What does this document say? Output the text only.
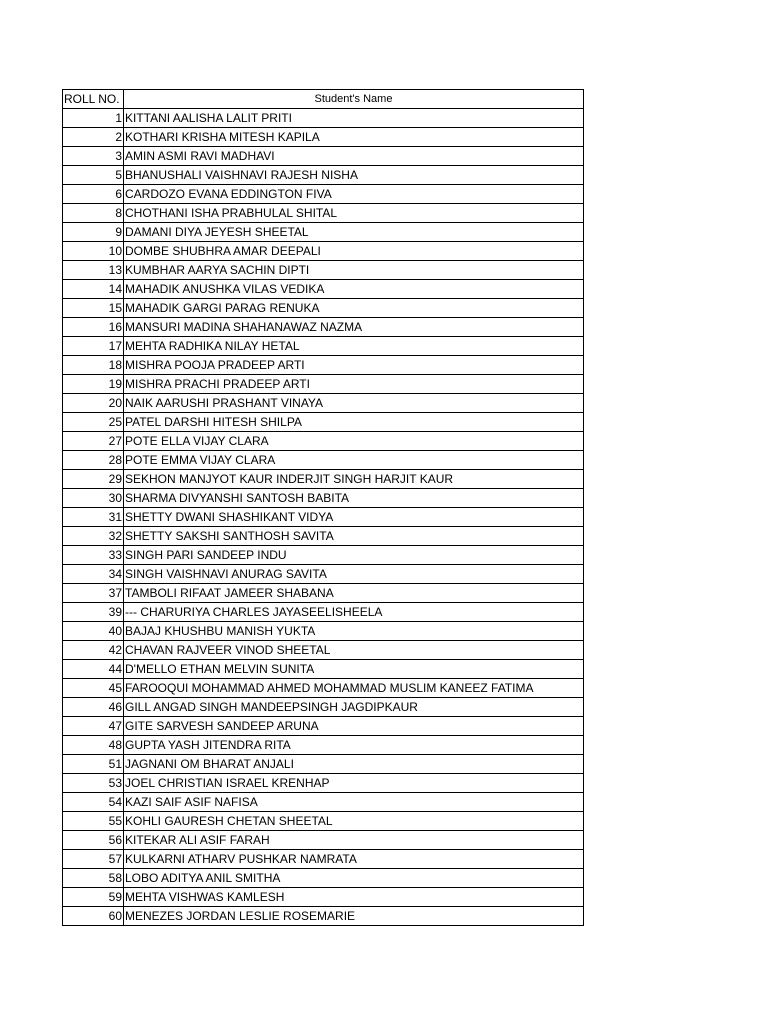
ROLL NO.	Student's Name
1	KITTANI AALISHA LALIT PRITI
2	KOTHARI KRISHA MITESH KAPILA
3	AMIN ASMI RAVI MADHAVI
5	BHANUSHALI VAISHNAVI RAJESH NISHA
6	CARDOZO EVANA EDDINGTON FIVA
8	CHOTHANI ISHA PRABHULAL SHITAL
9	DAMANI DIYA JEYESH SHEETAL
10	DOMBE SHUBHRA AMAR DEEPALI
13	KUMBHAR AARYA SACHIN DIPTI
14	MAHADIK ANUSHKA VILAS VEDIKA
15	MAHADIK GARGI PARAG RENUKA
16	MANSURI MADINA SHAHANAWAZ NAZMA
17	MEHTA RADHIKA NILAY HETAL
18	MISHRA POOJA PRADEEP ARTI
19	MISHRA PRACHI PRADEEP ARTI
20	NAIK AARUSHI PRASHANT VINAYA
25	PATEL DARSHI HITESH SHILPA
27	POTE ELLA VIJAY CLARA
28	POTE EMMA VIJAY CLARA
29	SEKHON MANJYOT KAUR INDERJIT SINGH HARJIT KAUR
30	SHARMA DIVYANSHI SANTOSH BABITA
31	SHETTY DWANI SHASHIKANT VIDYA
32	SHETTY SAKSHI SANTHOSH SAVITA
33	SINGH PARI SANDEEP INDU
34	SINGH VAISHNAVI ANURAG SAVITA
37	TAMBOLI RIFAAT JAMEER SHABANA
39	--- CHARURIYA CHARLES JAYASEELISHEELA
40	BAJAJ KHUSHBU MANISH YUKTA
42	CHAVAN RAJVEER VINOD SHEETAL
44	D'MELLO ETHAN MELVIN SUNITA
45	FAROOQUI MOHAMMAD AHMED MOHAMMAD MUSLIM KANEEZ FATIMA
46	GILL ANGAD SINGH MANDEEPSINGH JAGDIPKAUR
47	GITE SARVESH SANDEEP ARUNA
48	GUPTA YASH JITENDRA RITA
51	JAGNANI OM BHARAT ANJALI
53	JOEL CHRISTIAN ISRAEL KRENHAP
54	KAZI SAIF ASIF NAFISA
55	KOHLI GAURESH CHETAN SHEETAL
56	KITEKAR ALI ASIF FARAH
57	KULKARNI ATHARV PUSHKAR NAMRATA
58	LOBO ADITYA ANIL SMITHA
59	MEHTA VISHWAS KAMLESH
60	MENEZES JORDAN LESLIE ROSEMARIE
